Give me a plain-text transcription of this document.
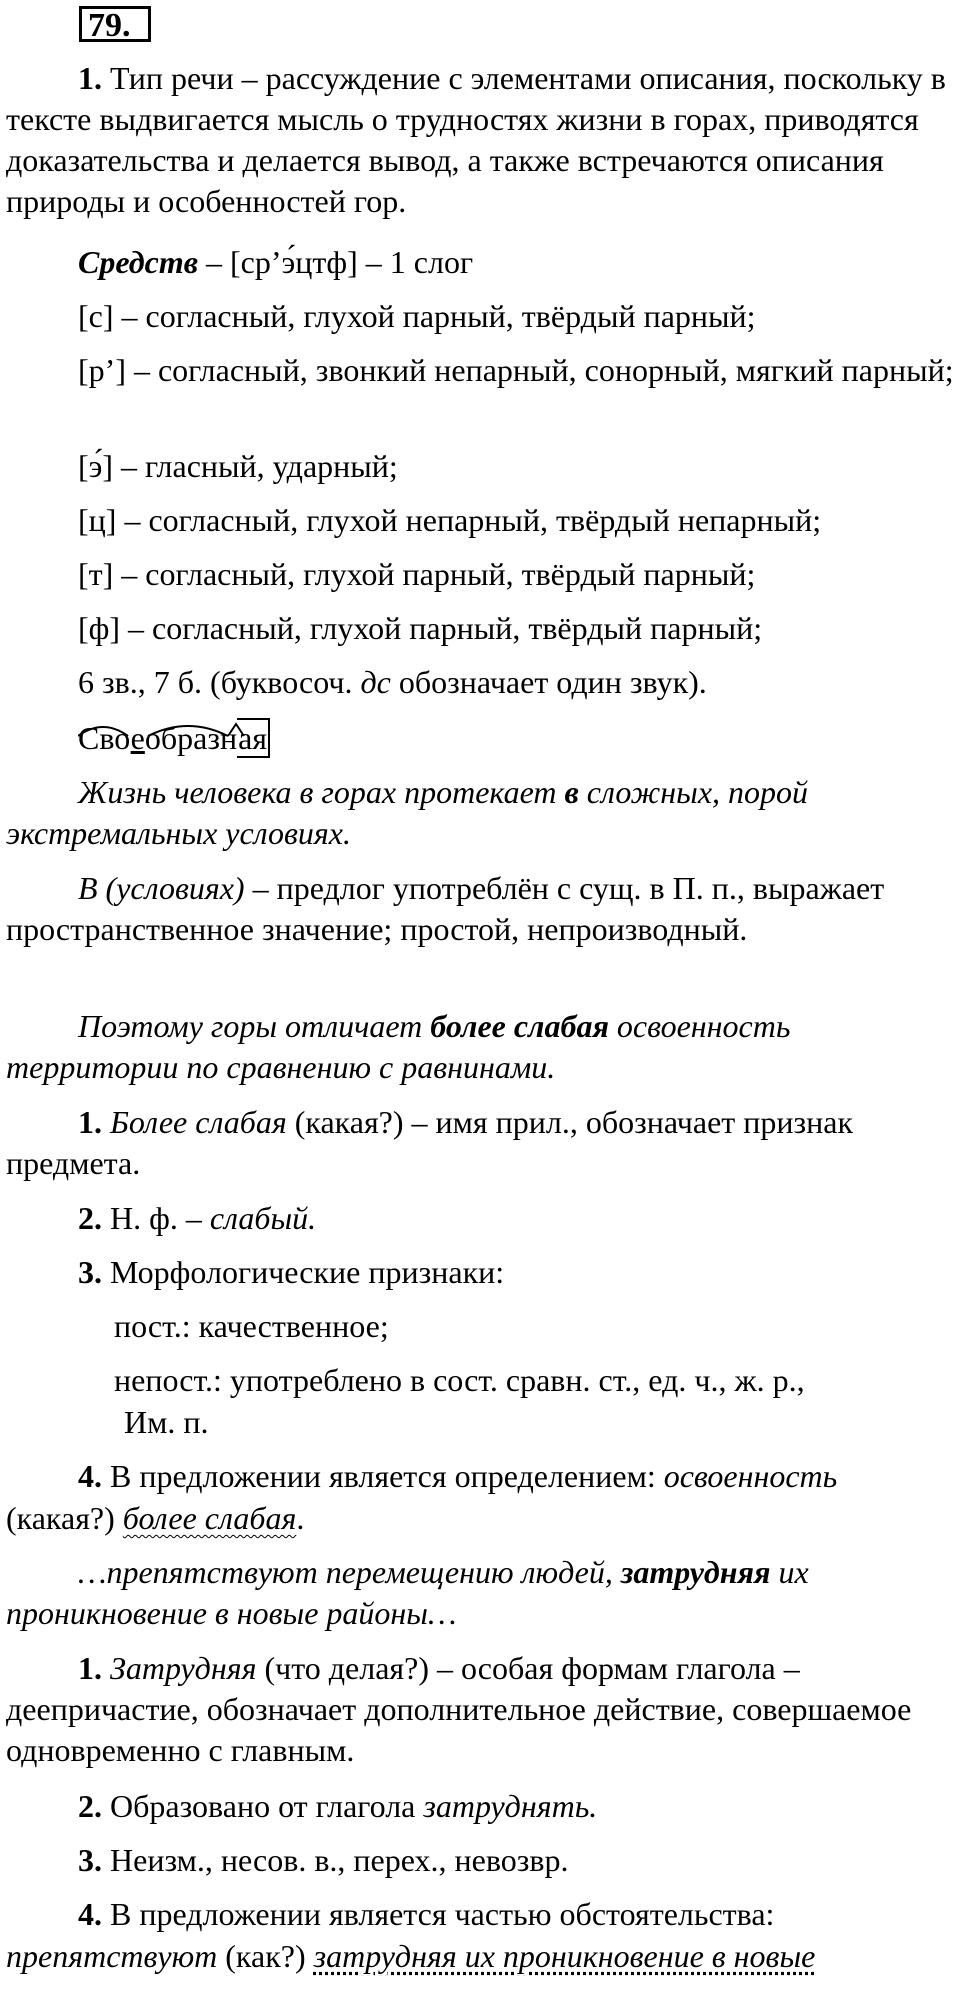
79.
1. Тип речи – рассуждение с элементами описания, поскольку в тексте выдвигается мысль о трудностях жизни в горах, приводятся доказательства и делается вывод, а также встречаются описания природы и особенностей гор.
Средств – [ср’э́цтф] – 1 слог
[с] – согласный, глухой парный, твёрдый парный;
[р’] – согласный, звонкий непарный, сонорный, мягкий парный;
[э́] – гласный, ударный;
[ц] – согласный, глухой непарный, твёрдый непарный;
[т] – согласный, глухой парный, твёрдый парный;
[ф] – согласный, глухой парный, твёрдый парный;
6 зв., 7 б. (буквосоч. дс обозначает один звук).
Своеобразная
Жизнь человека в горах протекает в сложных, порой экстремальных условиях.
В (условиях) – предлог употреблён с сущ. в П. п., выражает пространственное значение; простой, непроизводный.
Поэтому горы отличает более слабая освоенность территории по сравнению с равнинами.
1. Более слабая (какая?) – имя прил., обозначает признак предмета.
2. Н. ф. – слабый.
3. Морфологические признаки:
пост.: качественное;
непост.: употреблено в сост. сравн. ст., ед. ч., ж. р.,
Им. п.
4. В предложении является определением: освоенность
(какая?) более слабая.
…препятствуют перемещению людей, затрудняя их проникновение в новые районы…
1. Затрудняя (что делая?) – особая формам глагола – деепричастие, обозначает дополнительное действие, совершаемое одновременно с главным.
2. Образовано от глагола затруднять.
3. Неизм., несов. в., перех., невозвр.
4. В предложении является частью обстоятельства:
препятствуют (как?) затрудняя их проникновение в новые
